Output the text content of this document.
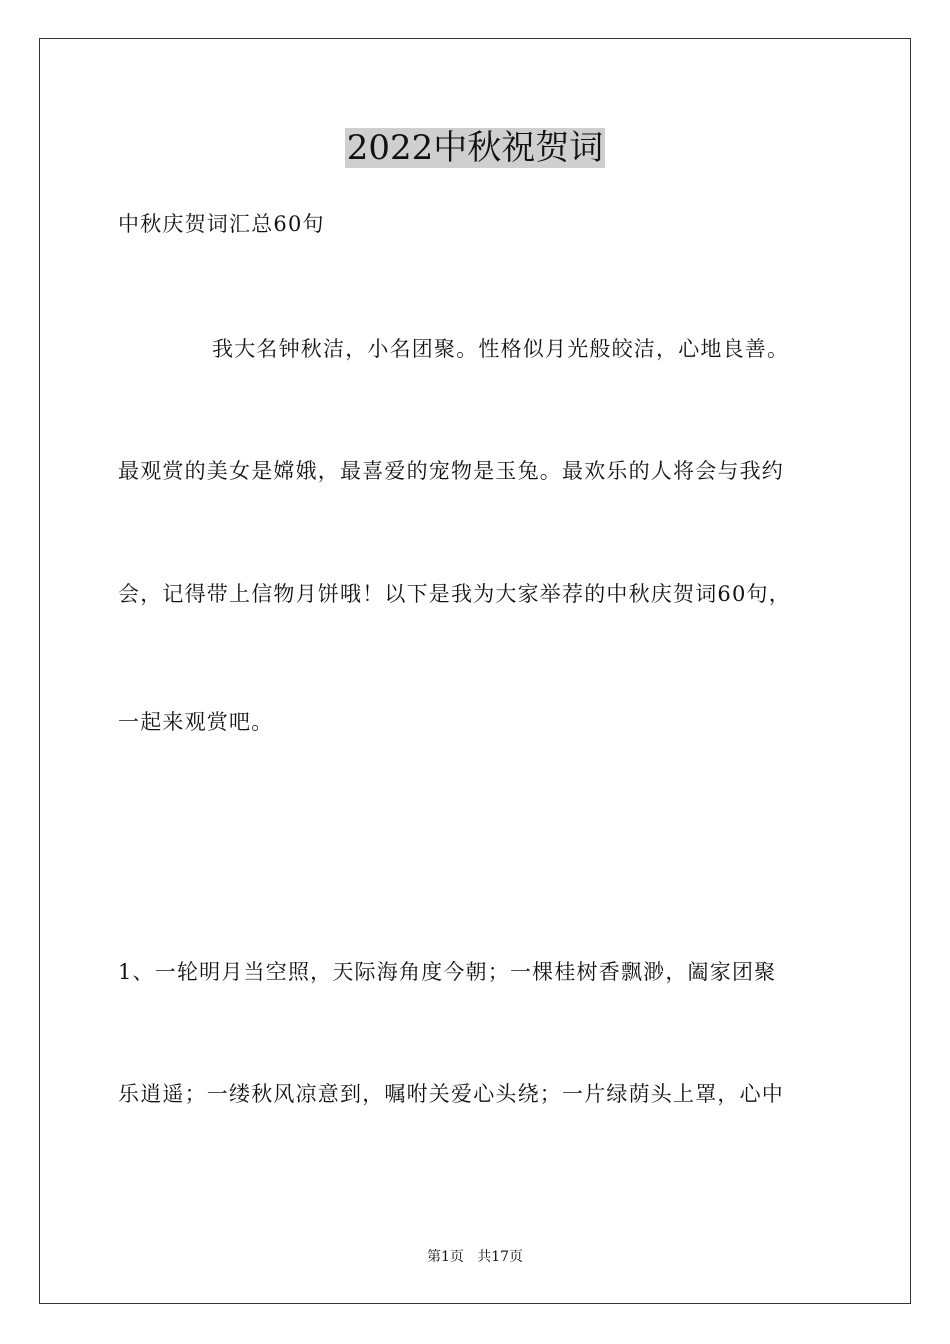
2022中秋祝贺词
中秋庆贺词汇总60句
我大名钟秋洁，小名团聚。性格似月光般皎洁，心地良善。
最观赏的美女是嫦娥，最喜爱的宠物是玉兔。最欢乐的人将会与我约
会，记得带上信物月饼哦！以下是我为大家举荐的中秋庆贺词60句，
一起来观赏吧。
1、一轮明月当空照，天际海角度今朝；一棵桂树香飘渺，阖家团聚
乐逍遥；一缕秋风凉意到，嘱咐关爱心头绕；一片绿荫头上罩，心中
第1页   共17页
